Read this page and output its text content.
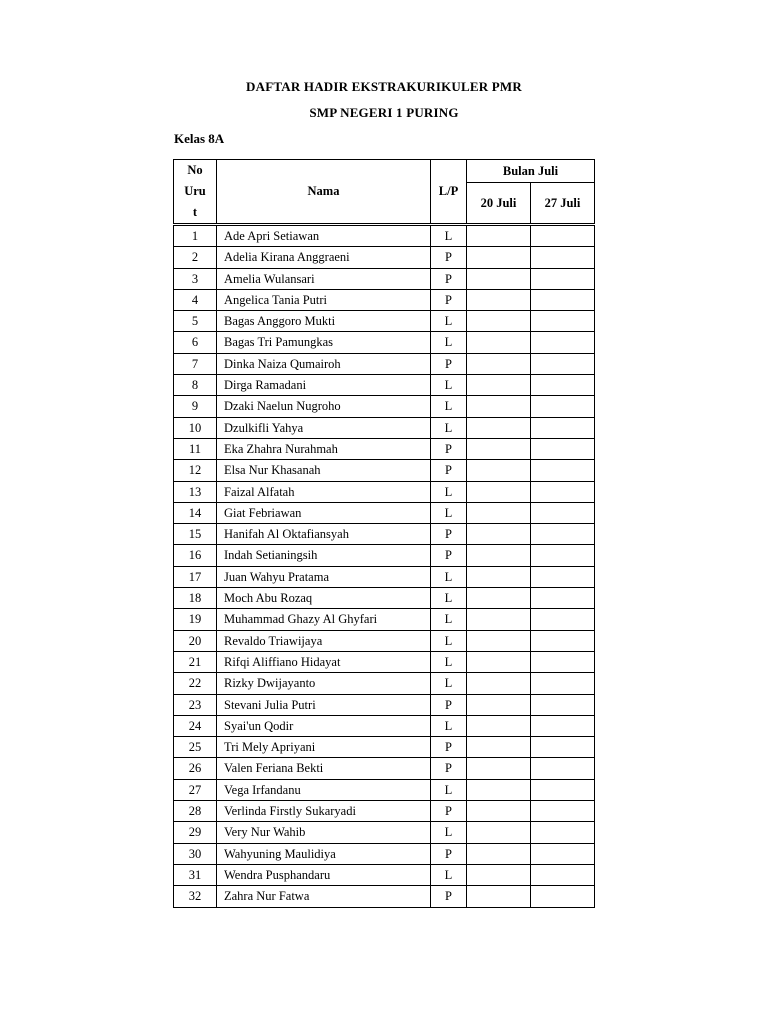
DAFTAR HADIR EKSTRAKURIKULER PMR
SMP NEGERI 1 PURING
Kelas 8A
No
Uru
t	Nama	L/P	Bulan Juli	
			20 Juli	27 Juli
1	Ade Apri Setiawan	L		
2	Adelia Kirana Anggraeni	P		
3	Amelia Wulansari	P		
4	Angelica Tania Putri	P		
5	Bagas Anggoro Mukti	L		
6	Bagas Tri Pamungkas	L		
7	Dinka Naiza Qumairoh	P		
8	Dirga Ramadani	L		
9	Dzaki Naelun Nugroho	L		
10	Dzulkifli Yahya	L		
11	Eka Zhahra Nurahmah	P		
12	Elsa Nur Khasanah	P		
13	Faizal Alfatah	L		
14	Giat Febriawan	L		
15	Hanifah Al Oktafiansyah	P		
16	Indah Setianingsih	P		
17	Juan Wahyu Pratama	L		
18	Moch Abu Rozaq	L		
19	Muhammad Ghazy Al Ghyfari	L		
20	Revaldo Triawijaya	L		
21	Rifqi Aliffiano Hidayat	L		
22	Rizky Dwijayanto	L		
23	Stevani Julia Putri	P		
24	Syai'un Qodir	L		
25	Tri Mely Apriyani	P		
26	Valen Feriana Bekti	P		
27	Vega Irfandanu	L		
28	Verlinda Firstly Sukaryadi	P		
29	Very Nur Wahib	L		
30	Wahyuning Maulidiya	P		
31	Wendra Pusphandaru	L		
32	Zahra Nur Fatwa	P		
